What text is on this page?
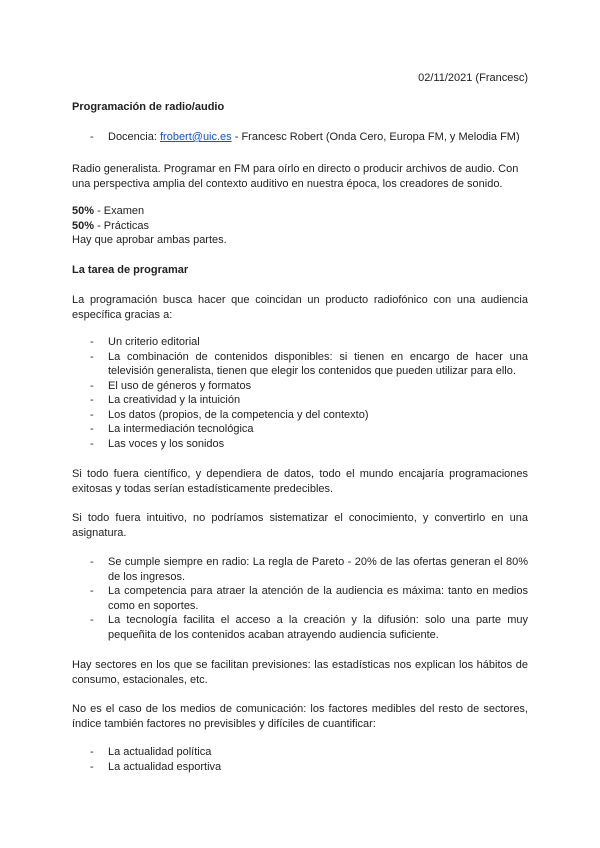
02/11/2021 (Francesc)
Programación de radio/audio
- Docencia: frobert@uic.es - Francesc Robert (Onda Cero, Europa FM, y Melodia FM)
Radio generalista. Programar en FM para oírlo en directo o producir archivos de audio. Con una perspectiva amplia del contexto auditivo en nuestra época, los creadores de sonido.
50% - Examen
50% - Prácticas
Hay que aprobar ambas partes.
La tarea de programar
La programación busca hacer que coincidan un producto radiofónico con una audiencia específica gracias a:
- Un criterio editorial
- La combinación de contenidos disponibles: si tienen en encargo de hacer una televisión generalista, tienen que elegir los contenidos que pueden utilizar para ello.
- El uso de géneros y formatos
- La creatividad y la intuición
- Los datos (propios, de la competencia y del contexto)
- La intermediación tecnológica
- Las voces y los sonidos
Si todo fuera científico, y dependiera de datos, todo el mundo encajaría programaciones exitosas y todas serían estadísticamente predecibles.
Si todo fuera intuitivo, no podríamos sistematizar el conocimiento, y convertirlo en una asignatura.
- Se cumple siempre en radio: La regla de Pareto - 20% de las ofertas generan el 80% de los ingresos.
- La competencia para atraer la atención de la audiencia es máxima: tanto en medios como en soportes.
- La tecnología facilita el acceso a la creación y la difusión: solo una parte muy pequeñita de los contenidos acaban atrayendo audiencia suficiente.
Hay sectores en los que se facilitan previsiones: las estadísticas nos explican los hábitos de consumo, estacionales, etc.
No es el caso de los medios de comunicación: los factores medibles del resto de sectores, índice también factores no previsibles y difíciles de cuantificar:
- La actualidad política
- La actualidad esportiva
